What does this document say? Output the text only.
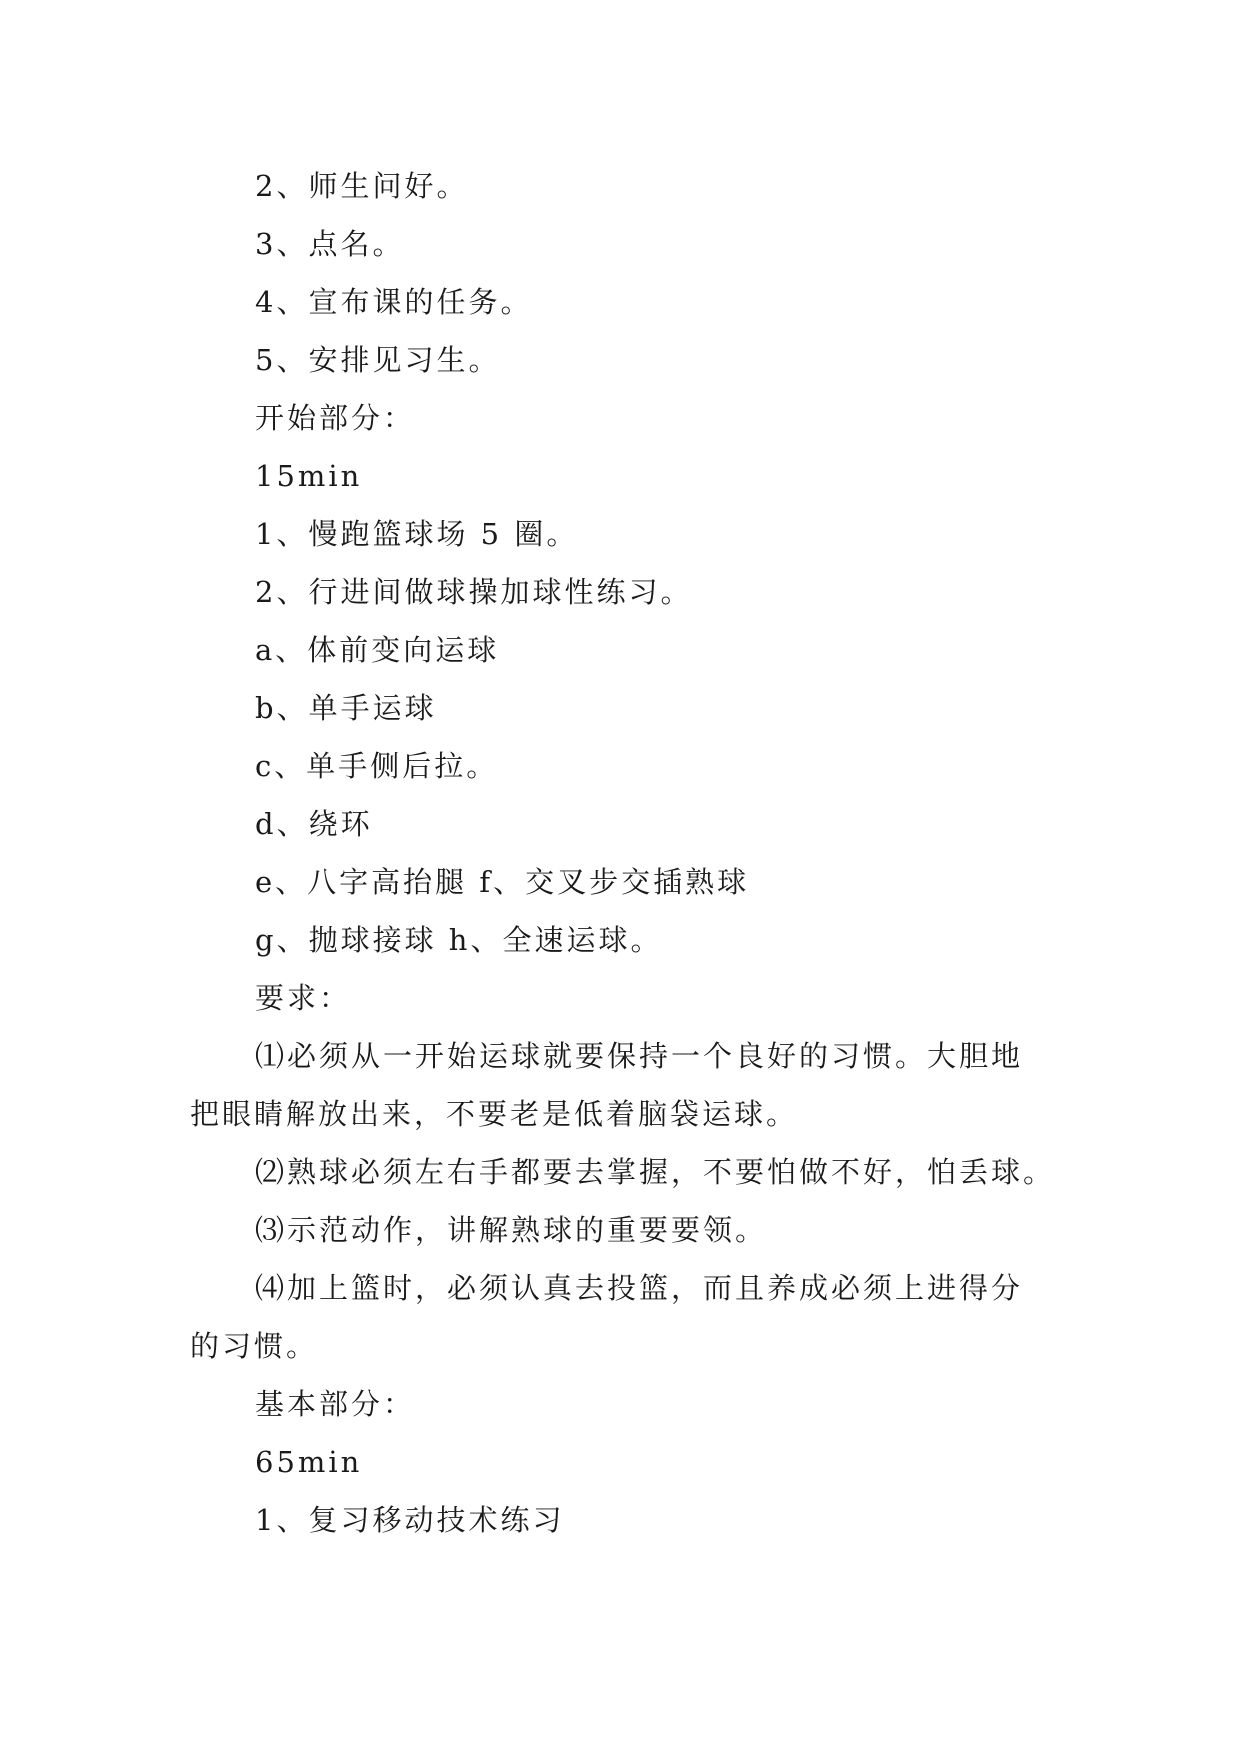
2、师生问好。
3、点名。
4、宣布课的任务。
5、安排见习生。
开始部分：
15min
1、慢跑篮球场 5 圈。
2、行进间做球操加球性练习。
a、体前变向运球
b、单手运球
c、单手侧后拉。
d、绕环
e、八字高抬腿 f、交叉步交插熟球
g、抛球接球 h、全速运球。
要求：
⑴必须从一开始运球就要保持一个良好的习惯。大胆地
把眼睛解放出来，不要老是低着脑袋运球。
⑵熟球必须左右手都要去掌握，不要怕做不好，怕丢球。
⑶示范动作，讲解熟球的重要要领。
⑷加上篮时，必须认真去投篮，而且养成必须上进得分
的习惯。
基本部分：
65min
1、复习移动技术练习
